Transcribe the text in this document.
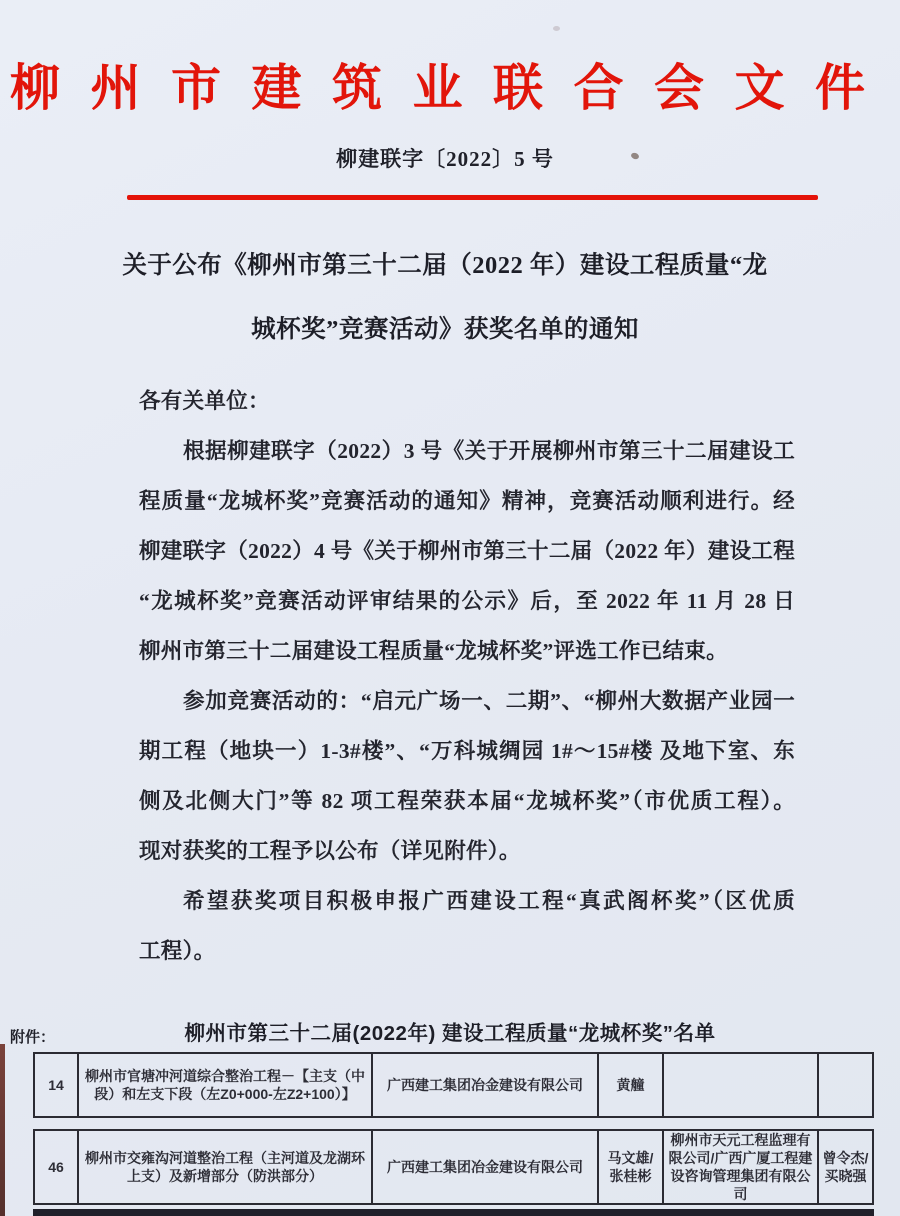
柳 州 市 建 筑 业 联 合 会 文 件
柳建联字〔2022〕5 号
关于公布《柳州市第三十二届（2022 年）建设工程质量“龙
城杯奖”竞赛活动》获奖名单的通知
各有关单位：
根据柳建联字（2022）3 号《关于开展柳州市第三十二届建设工
程质量“龙城杯奖”竞赛活动的通知》精神，竞赛活动顺利进行。经
柳建联字（2022）4 号《关于柳州市第三十二届（2022 年）建设工程
“龙城杯奖”竞赛活动评审结果的公示》后，至 2022 年 11 月 28 日
柳州市第三十二届建设工程质量“龙城杯奖”评选工作已结束。
参加竞赛活动的：“启元广场一、二期”、“柳州大数据产业园一
期工程（地块一）1-3#楼”、“万科城绸园 1#～15#楼 及地下室、东
侧及北侧大门”等 82 项工程荣获本届“龙城杯奖”（市优质工程）。
现对获奖的工程予以公布（详见附件）。
希望获奖项目积极申报广西建设工程“真武阁杯奖”（区优质
工程）。
附件：	柳州市第三十二届(2022年) 建设工程质量“龙城杯奖”名单
14
柳州市官塘冲河道综合整治工程－【主支（中段）和左支下段（左Z0+000-左Z2+100）】
广西建工集团冶金建设有限公司	黄艟
46
柳州市交雍沟河道整治工程（主河道及龙湖环上支）及新增部分（防洪部分）
广西建工集团冶金建设有限公司
马文雄/张桂彬
柳州市天元工程监理有限公司/广西广厦工程建设咨询管理集团有限公司
曾令杰/买晓强
